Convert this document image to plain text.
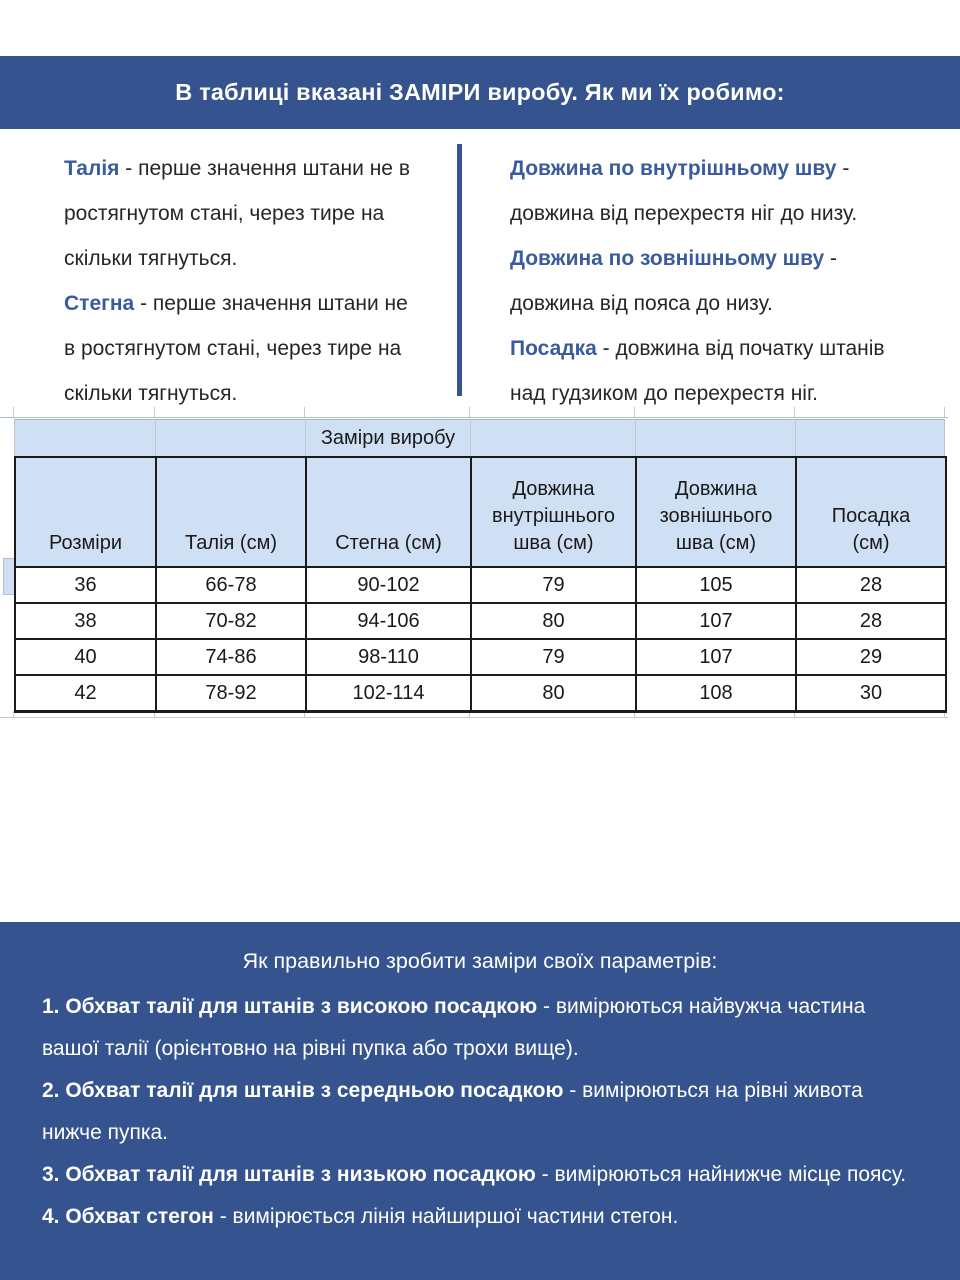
В таблиці вказані ЗАМІРИ виробу. Як ми їх робимо:

Талія - перше значення штани не в ростягнутом стані, через тире на скільки тягнуться.

Стегна - перше значення штани не в ростягнутом стані, через тире на скільки тягнуться.

Довжина по внутрішньому шву - довжина від перехрестя ніг до низу.

Довжина по зовнішньому шву - довжина від пояса до низу.

Посадка - довжина від початку штанів над гудзиком до перехрестя ніг.

Заміри виробу
Розміри	Талія (см)	Стегна (см)	Довжина внутрішнього шва (см)	Довжина зовнішнього шва (см)	Посадка (см)
36	66-78	90-102	79	105	28
38	70-82	94-106	80	107	28
40	74-86	98-110	79	107	29
42	78-92	102-114	80	108	30

Як правильно зробити заміри своїх параметрів:

1. Обхват талії для штанів з високою посадкою - вимірюються найвужча частина вашої талії (орієнтовно на рівні пупка або трохи вище).

2. Обхват талії для штанів з середньою посадкою - вимірюються на рівні живота нижче пупка.

3. Обхват талії для штанів з низькою посадкою - вимірюються найнижче місце поясу.

4. Обхват стегон - вимірюється лінія найширшої частини стегон.
